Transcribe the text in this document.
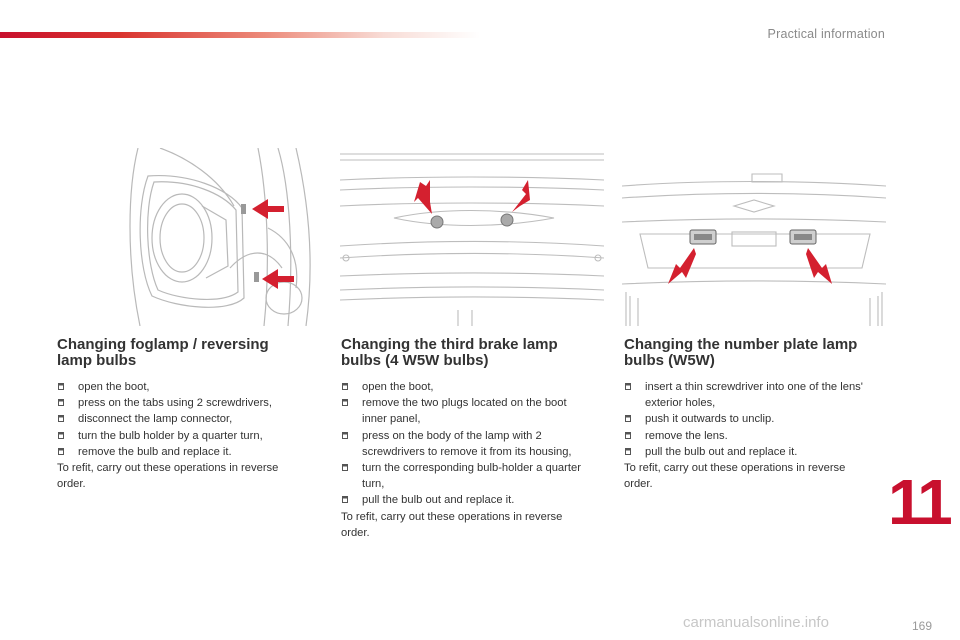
Practical information
Changing foglamp / reversing lamp bulbs
open the boot,
press on the tabs using 2 screwdrivers,
disconnect the lamp connector,
turn the bulb holder by a quarter turn,
remove the bulb and replace it.

To refit, carry out these operations in reverse order.

Changing the third brake lamp bulbs (4 W5W bulbs)
open the boot,
remove the two plugs located on the boot inner panel,
press on the body of the lamp with 2 screwdrivers to remove it from its housing,
turn the corresponding bulb-holder a quarter turn,
pull the bulb out and replace it.

To refit, carry out these operations in reverse order.

Changing the number plate lamp bulbs (W5W)
insert a thin screwdriver into one of the lens' exterior holes,
push it outwards to unclip.
remove the lens.
pull the bulb out and replace it.

To refit, carry out these operations in reverse order.	11
carmanualsonline.info	169
